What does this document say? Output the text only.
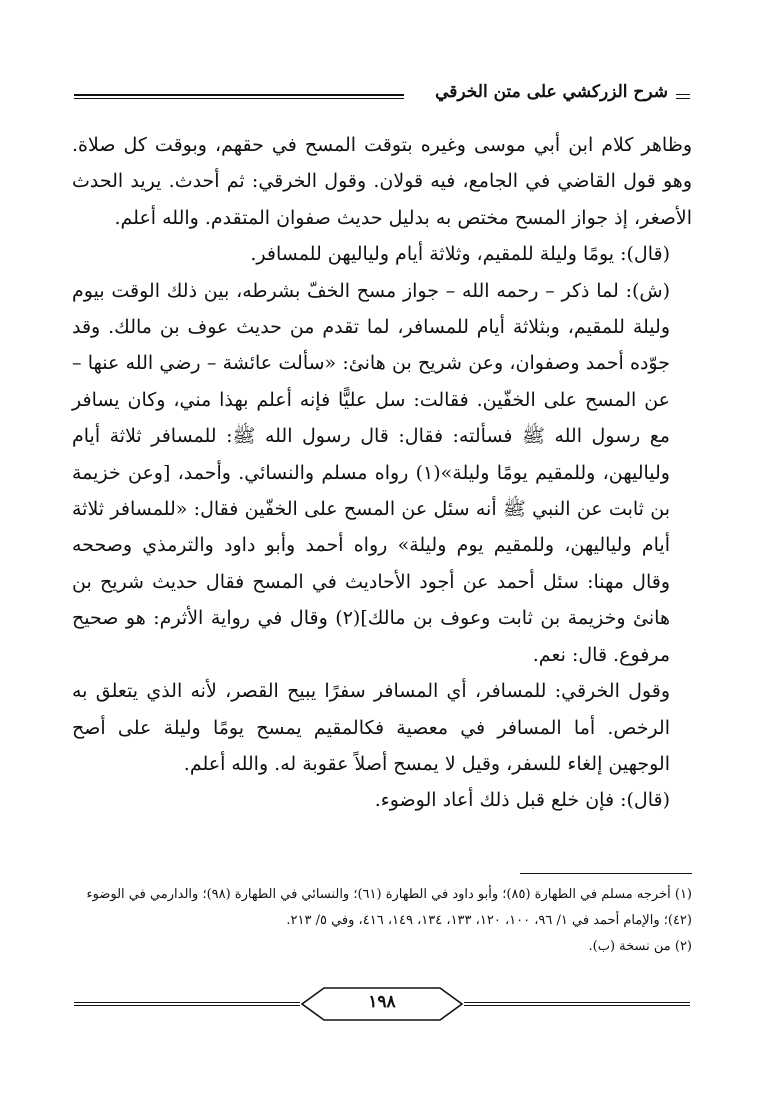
شرح الزركشي على متن الخرقي

وظاهر كلام ابن أبي موسى وغيره بتوقت المسح في حقهم، وبوقت كل صلاة. وهو قول القاضي في الجامع، فيه قولان. وقول الخرقي: ثم أحدث. يريد الحدث الأصغر، إذ جواز المسح مختص به بدليل حديث صفوان المتقدم. والله أعلم.

(قال): يومًا وليلة للمقيم، وثلاثة أيام ولياليهن للمسافر.

(ش): لما ذكر – رحمه الله – جواز مسح الخفّ بشرطه، بين ذلك الوقت بيوم وليلة للمقيم، وبثلاثة أيام للمسافر، لما تقدم من حديث عوف بن مالك. وقد جوّده أحمد وصفوان، وعن شريح بن هانئ: «سألت عائشة – رضي الله عنها – عن المسح على الخفّين. فقالت: سل عليًّا فإنه أعلم بهذا مني، وكان يسافر مع رسول الله ﷺ فسألته: فقال: قال رسول الله ﷺ: للمسافر ثلاثة أيام ولياليهن، وللمقيم يومًا وليلة»(١) رواه مسلم والنسائي. وأحمد، [وعن خزيمة بن ثابت عن النبي ﷺ أنه سئل عن المسح على الخفّين فقال: «للمسافر ثلاثة أيام ولياليهن، وللمقيم يوم وليلة» رواه أحمد وأبو داود والترمذي وصححه وقال مهنا: سئل أحمد عن أجود الأحاديث في المسح فقال حديث شريح بن هانئ وخزيمة بن ثابت وعوف بن مالك](٢) وقال في رواية الأثرم: هو صحيح مرفوع. قال: نعم.

وقول الخرقي: للمسافر، أي المسافر سفرًا يبيح القصر، لأنه الذي يتعلق به الرخص. أما المسافر في معصية فكالمقيم يمسح يومًا وليلة على أصح الوجهين إلغاء للسفر، وقيل لا يمسح أصلاً عقوبة له. والله أعلم.

(قال): فإن خلع قبل ذلك أعاد الوضوء.

(١) أخرجه مسلم في الطهارة (٨٥)؛ وأبو داود في الطهارة (٦١)؛ والنسائي في الطهارة (٩٨)؛ والدارمي في الوضوء (٤٢)؛ والإمام أحمد في ١/ ٩٦، ١٠٠، ١٢٠، ١٣٣، ١٣٤، ١٤٩، ٤١٦، وفي ٥/ ٢١٣.

(٢) من نسخة (ب).

١٩٨
